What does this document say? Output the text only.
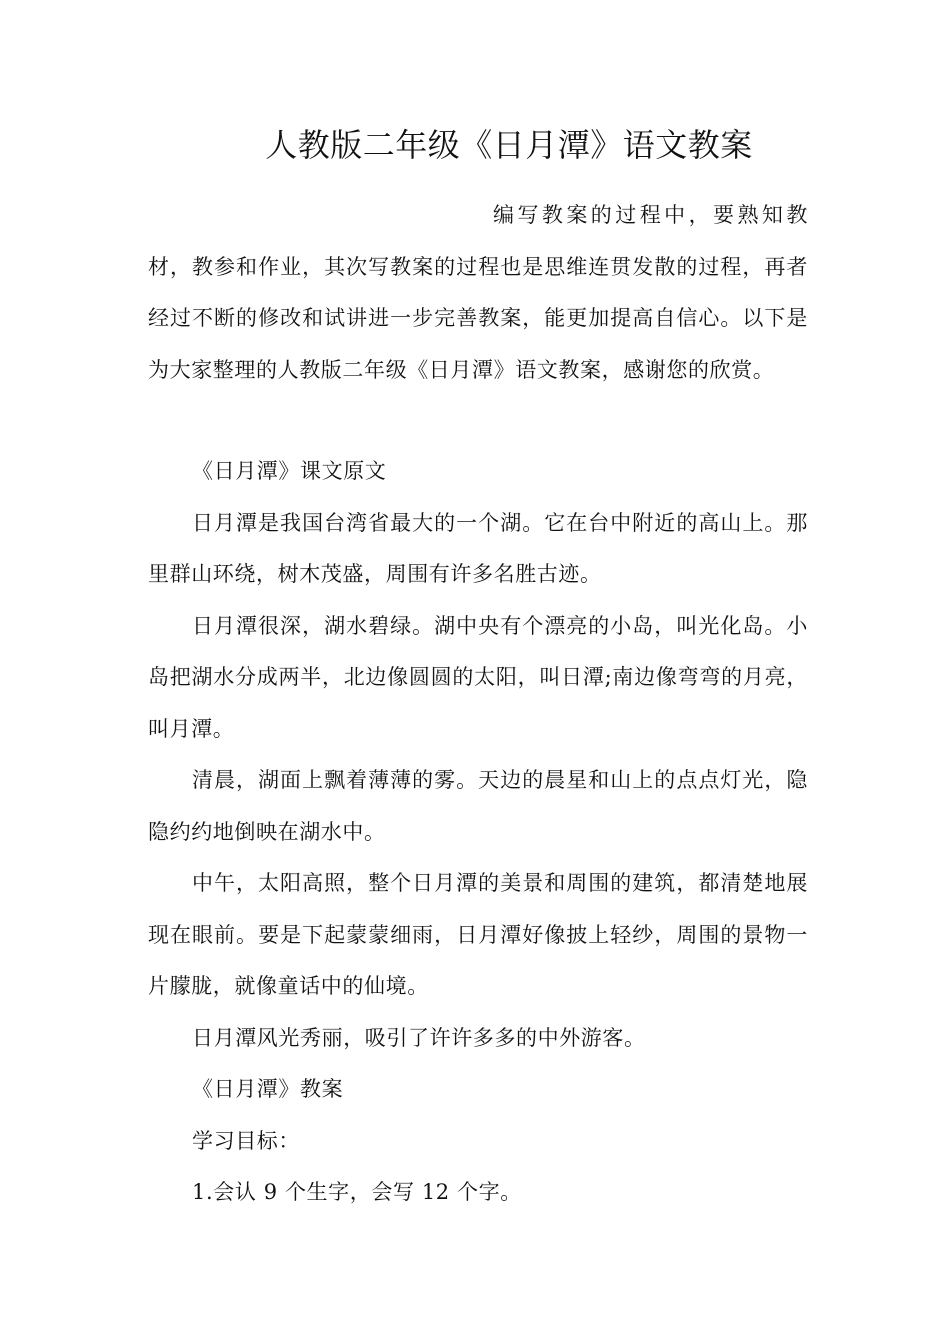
人教版二年级《日月潭》语文教案

编写教案的过程中，要熟知教材，教参和作业，其次写教案的过程也是思维连贯发散的过程，再者经过不断的修改和试讲进一步完善教案，能更加提高自信心。以下是为大家整理的人教版二年级《日月潭》语文教案，感谢您的欣赏。

《日月潭》课文原文

日月潭是我国台湾省最大的一个湖。它在台中附近的高山上。那里群山环绕，树木茂盛，周围有许多名胜古迹。

日月潭很深，湖水碧绿。湖中央有个漂亮的小岛，叫光化岛。小岛把湖水分成两半，北边像圆圆的太阳，叫日潭;南边像弯弯的月亮，叫月潭。

清晨，湖面上飘着薄薄的雾。天边的晨星和山上的点点灯光，隐隐约约地倒映在湖水中。

中午，太阳高照，整个日月潭的美景和周围的建筑，都清楚地展现在眼前。要是下起蒙蒙细雨，日月潭好像披上轻纱，周围的景物一片朦胧，就像童话中的仙境。

日月潭风光秀丽，吸引了许许多多的中外游客。

《日月潭》教案

学习目标：

1.会认 9 个生字，会写 12 个字。
